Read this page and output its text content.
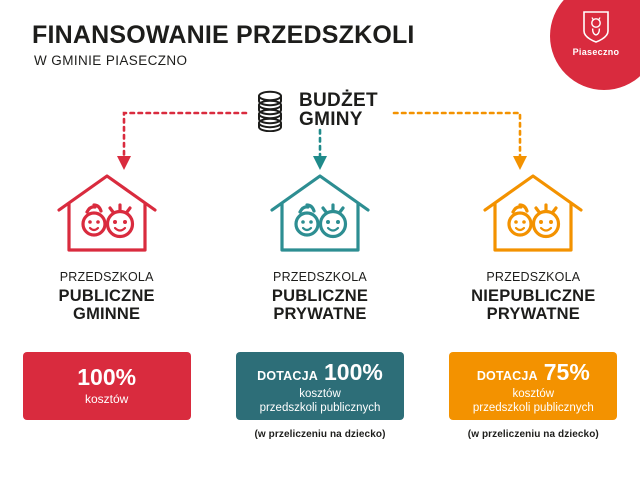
FINANSOWANIE PRZEDSZKOLI
W GMINIE PIASECZNO
Piaseczno
BUDŻET
GMINY
PRZEDSZKOLA
PUBLICZNE
GMINNE
PRZEDSZKOLA
PUBLICZNE
PRYWATNE
PRZEDSZKOLA
NIEPUBLICZNE
PRYWATNE
100%
kosztów
DOTACJA 100%
kosztów
przedszkoli publicznych
(w przeliczeniu na dziecko)
DOTACJA 75%
kosztów
przedszkoli publicznych
(w przeliczeniu na dziecko)
